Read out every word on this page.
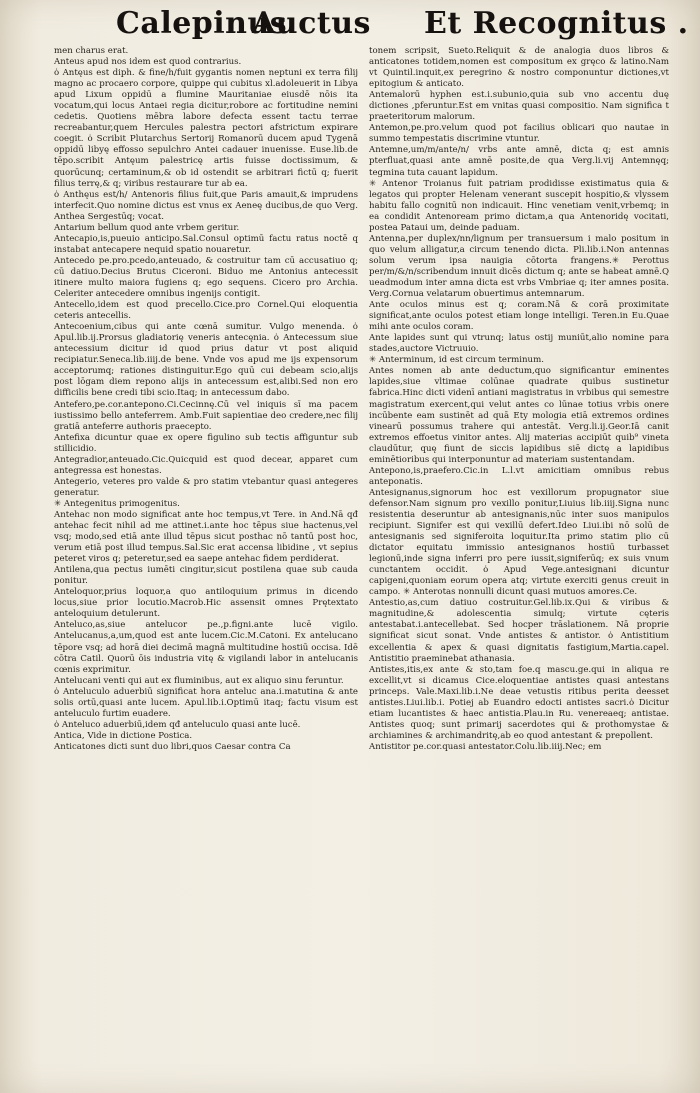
Calepinus
Auctus Et Recognitus .

men charus erat.

Anteus apud nos idem est quod contrarius.

ȯ Antęus est diph. & fine/h/fuit gygantis nomen neptuni ex terra filij magno ac procaero corpore, quippe qui cubitus xl.adoleuerit in Libya apud Lixum oppidū a flumine Mauritaniae eiusdē nōis ita vocatum,qui locus Antaei regia dicitur,robore ac fortitudine nemini cedetis. Quotiens mēbra labore defecta essent tactu terrae recreabantur,quem Hercules palestra pectori afstrictum expirare coegit. ȯ Scribit Plutarchus Sertorij Romanorū ducem apud Tygenā oppidū libyę effosso sepulchro Antei cadauer inuenisse. Euse.lib.de tēpo.scribit Antęum palestricę artis fuisse doctissimum, & quorūcunq; certaminum,& ob id ostendit se arbitrari fictū q; fuerit filius terrę,& q; viribus restaurare tur ab ea.

ȯ Anthęus est/h/ Antenoris filius fuit,que Paris amauit,& imprudens interfecit.Quo nomine dictus est vnus ex Aeneę ducibus,de quo Verg. Anthea Sergestūq; vocat.

Antarium bellum quod ante vrbem geritur.

Antecapio,is,pueuio anticipo.Sal.Consul optimū factu ratus noctē q instabat antecapere nequid spatio nouaretur.

Antecedo pe.pro.pcedo,anteuado, & costruitur tam cū accusatiuo q; cū datiuo.Decius Brutus Ciceroni. Biduo me Antonius antecessit itinere multo maiora fugiens q; ego sequens. Cicero pro Archia. Celeriter antecedere omnibus ingenijs contigit.

Antecello,idem est quod precello.Cice.pro Cornel.Qui eloquentia ceteris antecellis.

Antecoenium,cibus qui ante cœnā sumitur. Vulgo menenda. ȯ Apul.lib.ij.Prorsus gladiatorię veneris antecęnia. ȯ Antecessum siue antecessium dicitur id quod prius datur vt post aliquid recipiatur.Seneca.lib.iiij.de bene. Vnde vos apud me ijs expensorum acceptorumq; rationes distinguitur.Ego quū cui debeam scio,alijs post lōgam diem repono alijs in antecessum est,alibi.Sed non ero difficilis bene credi tibi scio.Itaq; in antecessum dabo.

Antefero,pe.cor.antepono.Ci.Cecinnę.Cū vel iniquis sī ma pacem iustissimo bello anteferrem. Amb.Fuit sapientiae deo credere,nec filij gratiā anteferre authoris praecepto.

Antefixa dicuntur quae ex opere figulino sub tectis affiguntur sub stillicidio.

Antegradior,anteuado.Cic.Quicquid est quod decear, apparet cum antegressa est honestas.

Antegerio, veteres pro valde & pro statim vtebantur quasi antegeres generatur.

✳ Antegenitus primogenitus.

Antehac non modo significat ante hoc tempus,vt Tere. in And.Nā qđ antehac fecit nihil ad me attinet.i.ante hoc tēpus siue hactenus,vel vsq; modo,sed etiā ante illud tēpus sicut posthac nō tantū post hoc, verum etiā post illud tempus.Sal.Sic erat accensa libidine , vt sepius peteret viros q; peteretur,sed ea saepe antehac fidem perdiderat.

Antilena,qua pectus iumēti cingitur,sicut postilena quae sub cauda ponitur.

Anteloquor,prius loquor,a quo antiloquium primus in dicendo locus,siue prior locutio.Macrob.Hic assensit omnes Prętextato anteloquium detulerunt.

Anteluco,as,siue antelucor pe.,p.figni.ante lucē vigilo. Antelucanus,a,um,quod est ante lucem.Cic.M.Catoni. Ex antelucano tēpore vsq; ad horā diei decimā magnā multitudine hostiū occisa. Idē cōtra Catil. Quorū ōis industria vitę & vigilandi labor in antelucanis cœnis exprimitur.

Antelucani venti qui aut ex fluminibus, aut ex aliquo sinu feruntur.

ȯ Anteluculo aduerbiū significat hora anteluc ana.i.matutina & ante solis ortū,quasi ante lucem. Apul.lib.i.Optimū itaq; factu visum est anteluculo furtim euadere.

ȯ Anteluco aduerbiū,idem qđ anteluculo quasi ante lucē.

Antica, Vide in dictione Postica.

Anticatones dicti sunt duo libri,quos Caesar contra Ca

tonem scripsit, Sueto.Reliquit & de analogia duos libros & anticatones totidem,nomen est compositum ex gręco & latino.Nam vt Quintil.inquit,ex peregrino & nostro componuntur dictiones,vt epitogium & anticato.

Antemalorū hyphen est.i.subunio,quia sub vno accentu duę dictiones ,pferuntur.Est em vnitas quasi compositio. Nam significa t praeteritorum malorum.

Antemon,pe.pro.velum quod pot facilius oblicari quo nautae in summo tempestatis discrimine vtuntur.

Antemne,um/m/ante/n/ vrbs ante amnē, dicta q; est amnis pterfluat,quasi ante amnē posite,de qua Verg.li.vij Antemnęq; tegmina tuta cauant lapidum.

✳ Antenor Troianus fuit patriam prodidisse existimatus quia & legatos qui propter Helenam venerant suscepit hospitio,& vlyssem habitu fallo cognitū non indicauit. Hinc venetiam venit,vrbemq; in ea condidit Antenoream primo dictam,a qua Antenoridę vocitati, postea Pataui um, deinde paduam.

Antenna,per duplex/nn/lignum per transuersum i malo positum in quo velum alligatur,a circum tenendo dicta. Pli.lib.i.Non antennas solum verum ipsa nauigia cōtorta frangens.✳ Perottus per/m/&/n/scribendum innuit dicēs dictum q; ante se habeat amnē.Q ueadmodum inter amna dicta est vrbs Vmbriae q; iter amnes posita. Verg.Cornua velatarum obuertimus antemnarum.

Ante oculos minus est q; coram.Nā & corā proximitate significat,ante oculos potest etiam longe intelligi. Teren.in Eu.Quae mihi ante oculos coram.

Ante lapides sunt qui vtrunq; latus ostij muniūt,alio nomine para stades,auctore Victruuio.

✳ Anterminum, id est circum terminum.

Antes nomen ab ante deductum,quo significantur eminentes lapides,siue vltimae colūnae quadrate quibus sustinetur fabrica.Hinc dicti videnī antiani magistratus in vrbibus qui semestre magistratum exercent,qui velut antes co lūnae totius vrbis onere incūbente eam sustinēt ad quā Ety mologia etiā extremos ordines vinearū possumus trahere qui antestāt. Verg.li.ij.Geor.Iā canit extremos effoetus vinitor antes. Alij materias accipiūt quib⁹ vineta claudūtur, quę fiunt de siccis lapidibus siē dictę a lapidibus eminētioribus qui interponuntur ad materiam sustentandam.

Antepono,is,praefero.Cic.in L.l.vt amicitiam omnibus rebus anteponatis.

Antesignanus,signorum hoc est vexillorum propugnator siue defensor.Nam signum pro vexillo ponitur,Liuius lib.iiij.Signa nunc resistentia deseruntur ab antesignanis,nūc inter suos manipulos recipiunt. Signifer est qui vexillū defert.Ideo Liui.ibi nō solū de antesignanis sed signiferoita loquitur.Ita primo statim plio cū dictator equitatu immissio antesignanos hostiū turbasset legionū,inde signa inferri pro pere iussit,signiferūq; ex suis vnum cunctantem occidit. ȯ Apud Vege.antesignani dicuntur capigeni,quoniam eorum opera atq; virtute exerciti genus creuit in campo. ✳ Anterotas nonnulli dicunt quasi mutuos amores.Ce.

Antestio,as,cum datiuo costruitur.Gel.lib.ix.Qui & viribus & magnitudine,& adolescentia simulq; virtute cęteris antestabat.i.antecellebat. Sed hocper trāslationem. Nā proprie significat sicut sonat. Vnde antistes & antistor. ȯ Antistitium excellentia & apex & quasi dignitatis fastigium,Martia.capel. Antistitio praeminebat athanasia.

Antistes,itis,ex ante & sto,tam foe.q mascu.ge.qui in aliqua re excellit,vt si dicamus Cice.eloquentiae antistes quasi antestans princeps. Vale.Maxi.lib.i.Ne deae vetustis ritibus perita deesset antistes.Liui.lib.i. Potiej ab Euandro edocti antistes sacri.ȯ Dicitur etiam lucantistes & haec antistia.Plau.in Ru. venereaeq; antistae. Antistes quoq; sunt primarij sacerdotes qui & prothomystae & archiamines & archimandritę,ab eo quod antestant & prepollent.

Antistitor pe.cor.quasi antestator.Colu.lib.iiij.Nec; em
